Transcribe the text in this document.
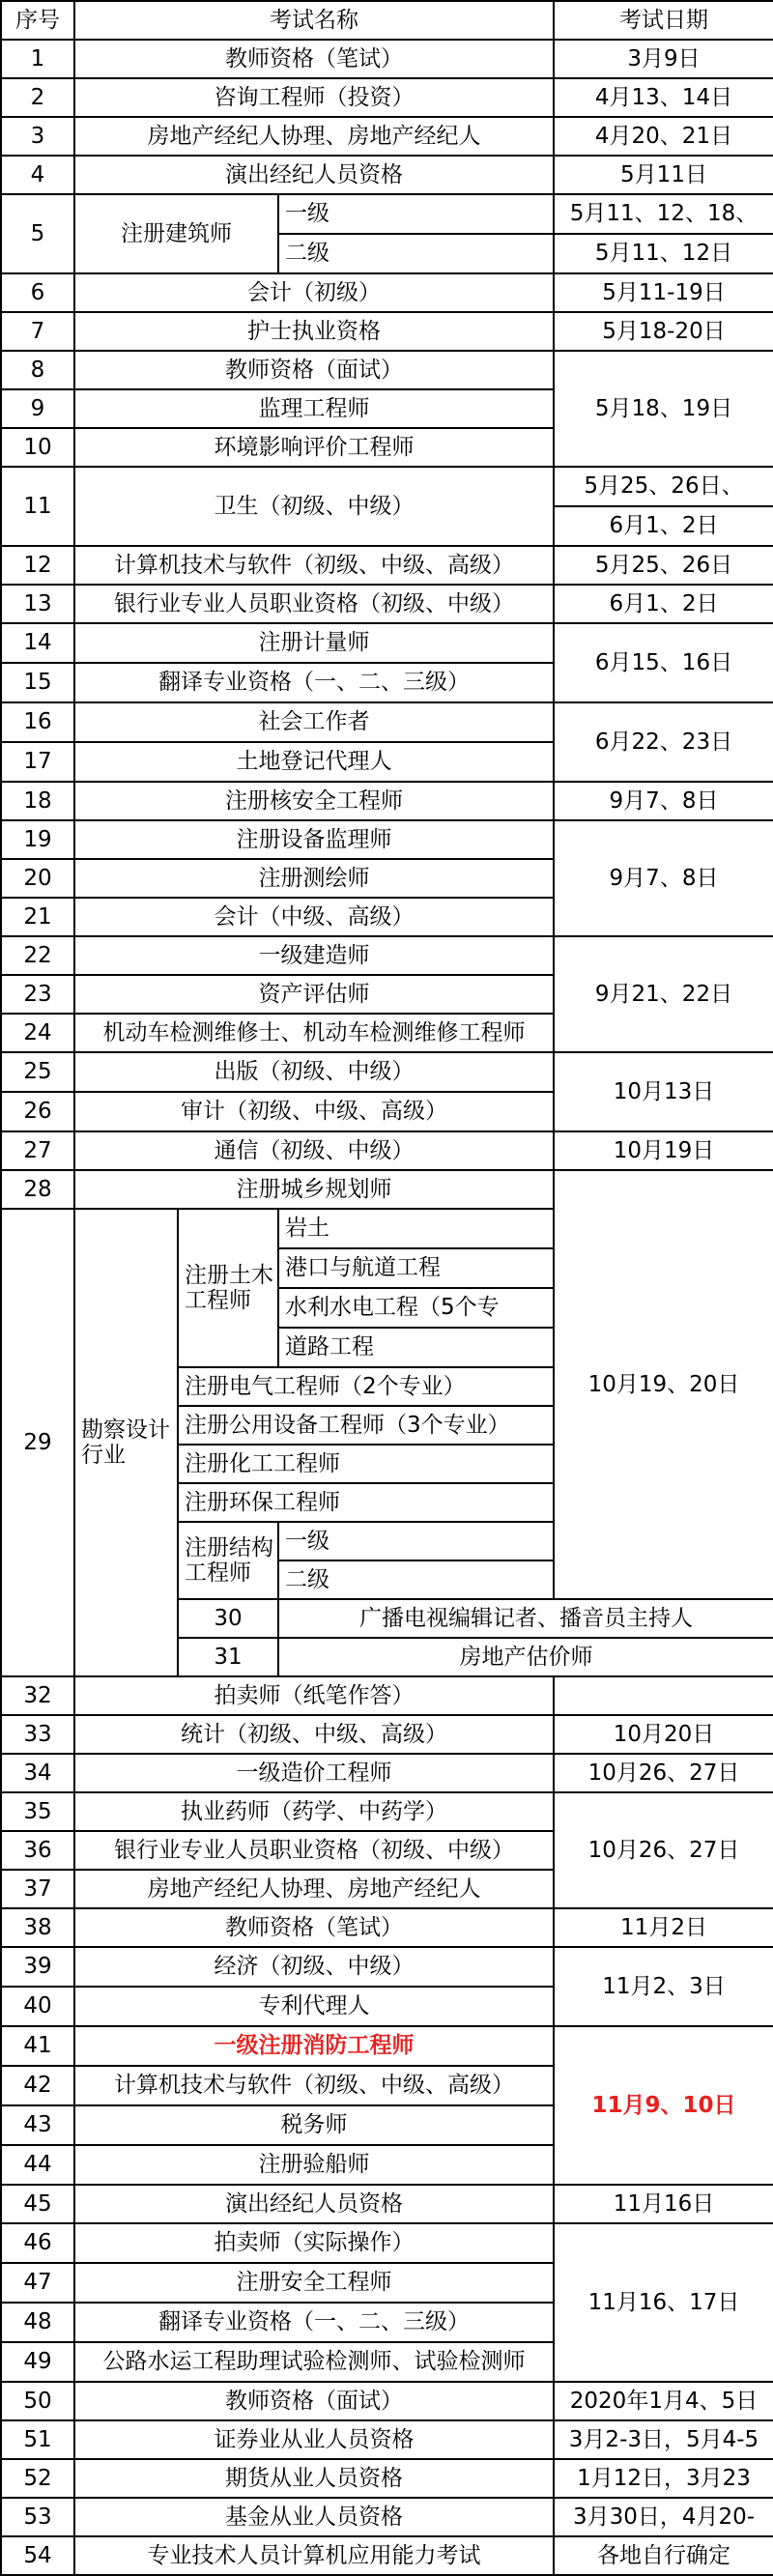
序号	考试名称			考试日期	
1	教师资格（笔试）			3月9日	
2	咨询工程师（投资）			4月13、14日	
3	房地产经纪人协理、房地产经纪人			4月20、21日	
4	演出经纪人员资格			5月11日	
5	注册建筑师		一级	5月11、12、18、	
			二级	5月11、12日	
6	会计（初级）			5月11-19日	
7	护士执业资格			5月18-20日	
8	教师资格（面试）			5月18、19日	
9	监理工程师				
10	环境影响评价工程师				
11	卫生（初级、中级）			5月25、26日、	
				6月1、2日	
12	计算机技术与软件（初级、中级、高级）			5月25、26日	
13	银行业专业人员职业资格（初级、中级）			6月1、2日	
14	注册计量师			6月15、16日	
15	翻译专业资格（一、二、三级）				
16	社会工作者			6月22、23日	
17	土地登记代理人				
18	注册核安全工程师			9月7、8日	
19	注册设备监理师			9月7、8日	
20	注册测绘师				
21	会计（中级、高级）				
22	一级建造师			9月21、22日	
23	资产评估师				
24	机动车检测维修士、机动车检测维修工程师				
25	出版（初级、中级）			10月13日	
26	审计（初级、中级、高级）				
27	通信（初级、中级）			10月19日	
28	注册城乡规划师			10月19、20日	
29	勘察设计行业	注册土木工程师	岩土		
			港口与航道工程		
			水利水电工程（5个专		
			道路工程		
		注册电气工程师（2个专业）			
		注册公用设备工程师（3个专业）			
		注册化工工程师			
		注册环保工程师			
		注册结构工程师	一级		
			二级	
		30	广播电视编辑记者、播音员主持人	
		31	房地产估价师		
32	拍卖师（纸笔作答）				
33	统计（初级、中级、高级）			10月20日	
34	一级造价工程师			10月26、27日	
35	执业药师（药学、中药学）			10月26、27日	
36	银行业专业人员职业资格（初级、中级）				
37	房地产经纪人协理、房地产经纪人				
38	教师资格（笔试）			11月2日	
39	经济（初级、中级）			11月2、3日	
40	专利代理人				
41	一级注册消防工程师			11月9、10日	
42	计算机技术与软件（初级、中级、高级）				
43	税务师				
44	注册验船师				
45	演出经纪人员资格			11月16日	
46	拍卖师（实际操作）			11月16、17日	
47	注册安全工程师				
48	翻译专业资格（一、二、三级）				
49	公路水运工程助理试验检测师、试验检测师				
50	教师资格（面试）			2020年1月4、5日	
51	证券业从业人员资格			3月2-3日，5月4-5	
52	期货从业人员资格			1月12日，3月23	
53	基金从业人员资格			3月30日，4月20-	
54	专业技术人员计算机应用能力考试			各地自行确定	
